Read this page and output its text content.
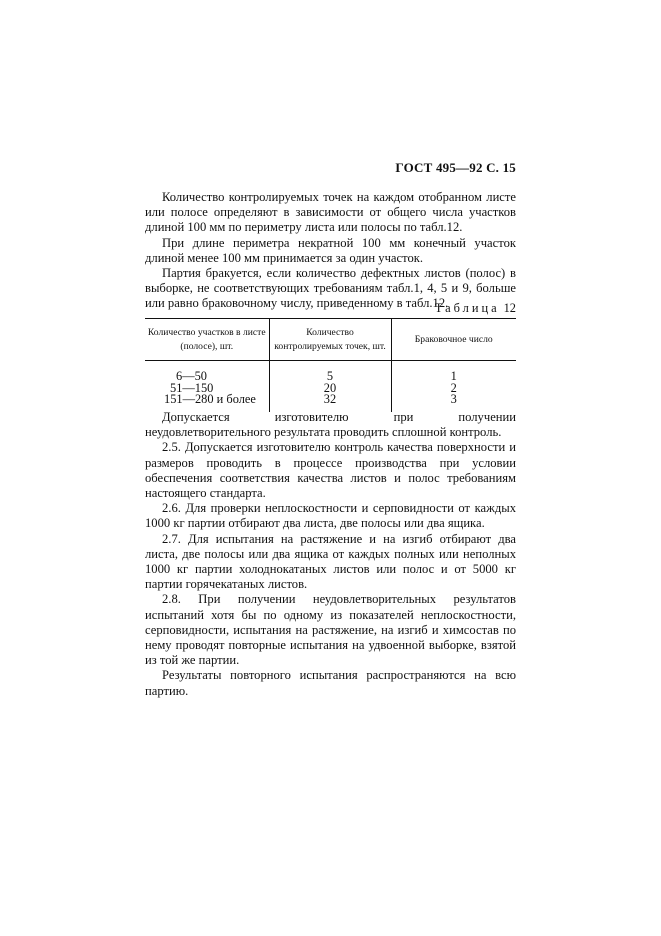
ГОСТ 495—92 С. 15

Количество контролируемых точек на каждом отобранном листе или полосе определяют в зависимости от общего числа участков длиной 100 мм по периметру листа или полосы по табл.12.

При длине периметра некратной 100 мм конечный участок длиной менее 100 мм принимается за один участок.

Партия бракуется, если количество дефектных листов (полос) в выборке, не соответствующих требованиям табл.1, 4, 5 и 9, больше или равно браковочному числу, приведенному в табл.12.

Таблица 12
Количество участков в листе (полосе), шт.	Количество контролируемых точек, шт.	Браковочное число
6—50	5	1
51—150	20	2
151—280 и более	32	3

Допускается изготовителю при получении неудовлетворительного результата проводить сплошной контроль.

2.5. Допускается изготовителю контроль качества поверхности и размеров проводить в процессе производства при условии обеспечения соответствия качества листов и полос требованиям настоящего стандарта.

2.6. Для проверки неплоскостности и серповидности от каждых 1000 кг партии отбирают два листа, две полосы или два ящика.

2.7. Для испытания на растяжение и на изгиб отбирают два листа, две полосы или два ящика от каждых полных или неполных 1000 кг партии холоднокатаных листов или полос и от 5000 кг партии горячекатаных листов.

2.8. При получении неудовлетворительных результатов испытаний хотя бы по одному из показателей неплоскостности, серповидности, испытания на растяжение, на изгиб и химсостав по нему проводят повторные испытания на удвоенной выборке, взятой из той же партии.

Результаты повторного испытания распространяются на всю партию.
